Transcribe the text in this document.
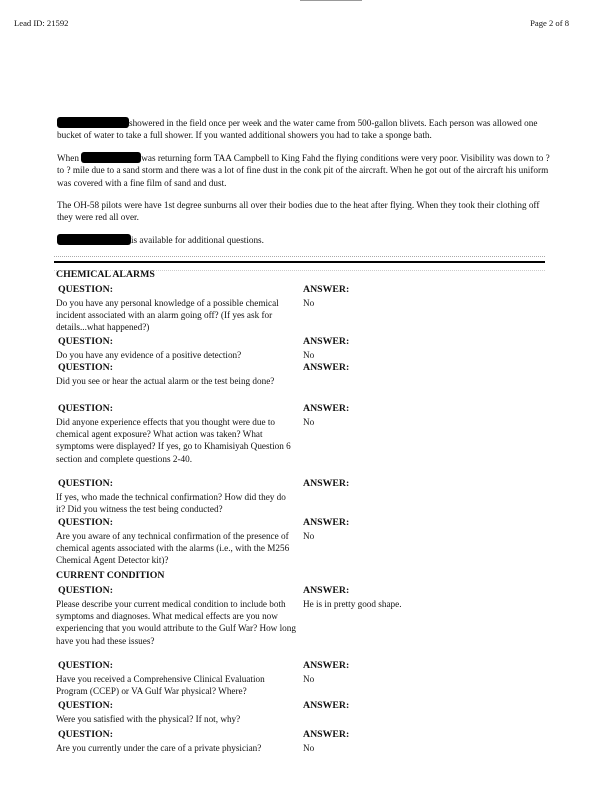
Lead ID: 21592	Page 2 of 8
showered in the field once per week and the water came from 500-gallon blivets. Each person was allowed one bucket of water to take a full shower. If you wanted additional showers you had to take a sponge bath.
When	was returning form TAA Campbell to King Fahd the flying conditions were very poor. Visibility was down to ? to ? mile due to a sand storm and there was a lot of fine dust in the conk pit of the aircraft. When he got out of the aircraft his uniform was covered with a fine film of sand and dust.
The OH-58 pilots were have 1st degree sunburns all over their bodies due to the heat after flying. When they took their clothing off they were red all over.
is available for additional questions.
CHEMICAL ALARMS
QUESTION:	ANSWER:
Do you have any personal knowledge of a possible chemical incident associated with an alarm going off? (If yes ask for details...what happened?)
No
QUESTION:	ANSWER:
Do you have any evidence of a positive detection?	No
QUESTION:	ANSWER:
Did you see or hear the actual alarm or the test being done?
QUESTION:	ANSWER:
Did anyone experience effects that you thought were due to chemical agent exposure? What action was taken? What symptoms were displayed? If yes, go to Khamisiyah Question 6 section and complete questions 2-40.
No
QUESTION:	ANSWER:
If yes, who made the technical confirmation? How did they do it? Did you witness the test being conducted?
QUESTION:	ANSWER:
Are you aware of any technical confirmation of the presence of chemical agents associated with the alarms (i.e., with the M256 Chemical Agent Detector kit)?
No
CURRENT CONDITION
QUESTION:	ANSWER:
Please describe your current medical condition to include both symptoms and diagnoses. What medical effects are you now experiencing that you would attribute to the Gulf War? How long have you had these issues?
He is in pretty good shape.
QUESTION:	ANSWER:
Have you received a Comprehensive Clinical Evaluation Program (CCEP) or VA Gulf War physical? Where?
No
QUESTION:	ANSWER:
Were you satisfied with the physical? If not, why?
QUESTION:	ANSWER:
Are you currently under the care of a private physician?	No
